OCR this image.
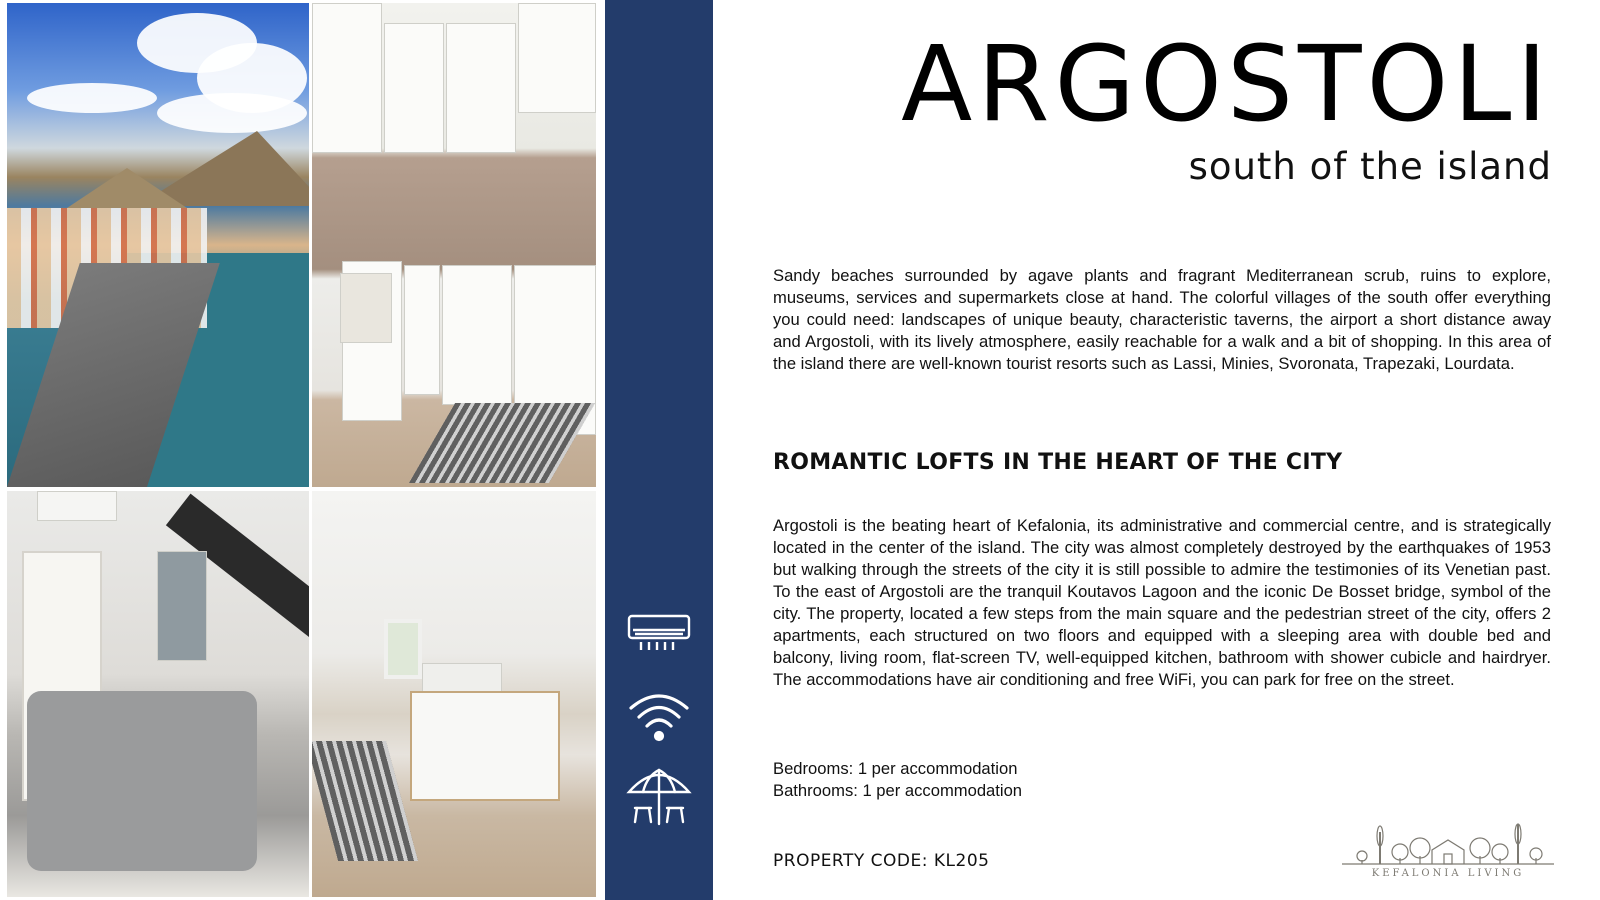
ARGOSTOLI
south of the island

Sandy beaches surrounded by agave plants and fragrant Mediterranean scrub, ruins to explore, museums, services and supermarkets close at hand. The colorful villages of the south offer everything you could need: landscapes of unique beauty, characteristic taverns, the airport a short distance away and Argostoli, with its lively atmosphere, easily reachable for a walk and a bit of shopping. In this area of the island there are well-known tourist resorts such as Lassi, Minies, Svoronata, Trapezaki, Lourdata.

ROMANTIC LOFTS IN THE HEART OF THE CITY

Argostoli is the beating heart of Kefalonia, its administrative and commercial centre, and is strategically located in the center of the island. The city was almost completely destroyed by the earthquakes of 1953 but walking through the streets of the city it is still possible to admire the testimonies of its Venetian past. To the east of Argostoli are the tranquil Koutavos Lagoon and the iconic De Bosset bridge, symbol of the city. The property, located a few steps from the main square and the pedestrian street of the city, offers 2 apartments, each structured on two floors and equipped with a sleeping area with double bed and balcony, living room, flat-screen TV, well-equipped kitchen, bathroom with shower cubicle and hairdryer. The accommodations have air conditioning and free WiFi, you can park for free on the street.

Bedrooms: 1 per accommodation
Bathrooms: 1 per accommodation
PROPERTY CODE: KL205
KEFALONIA LIVING
